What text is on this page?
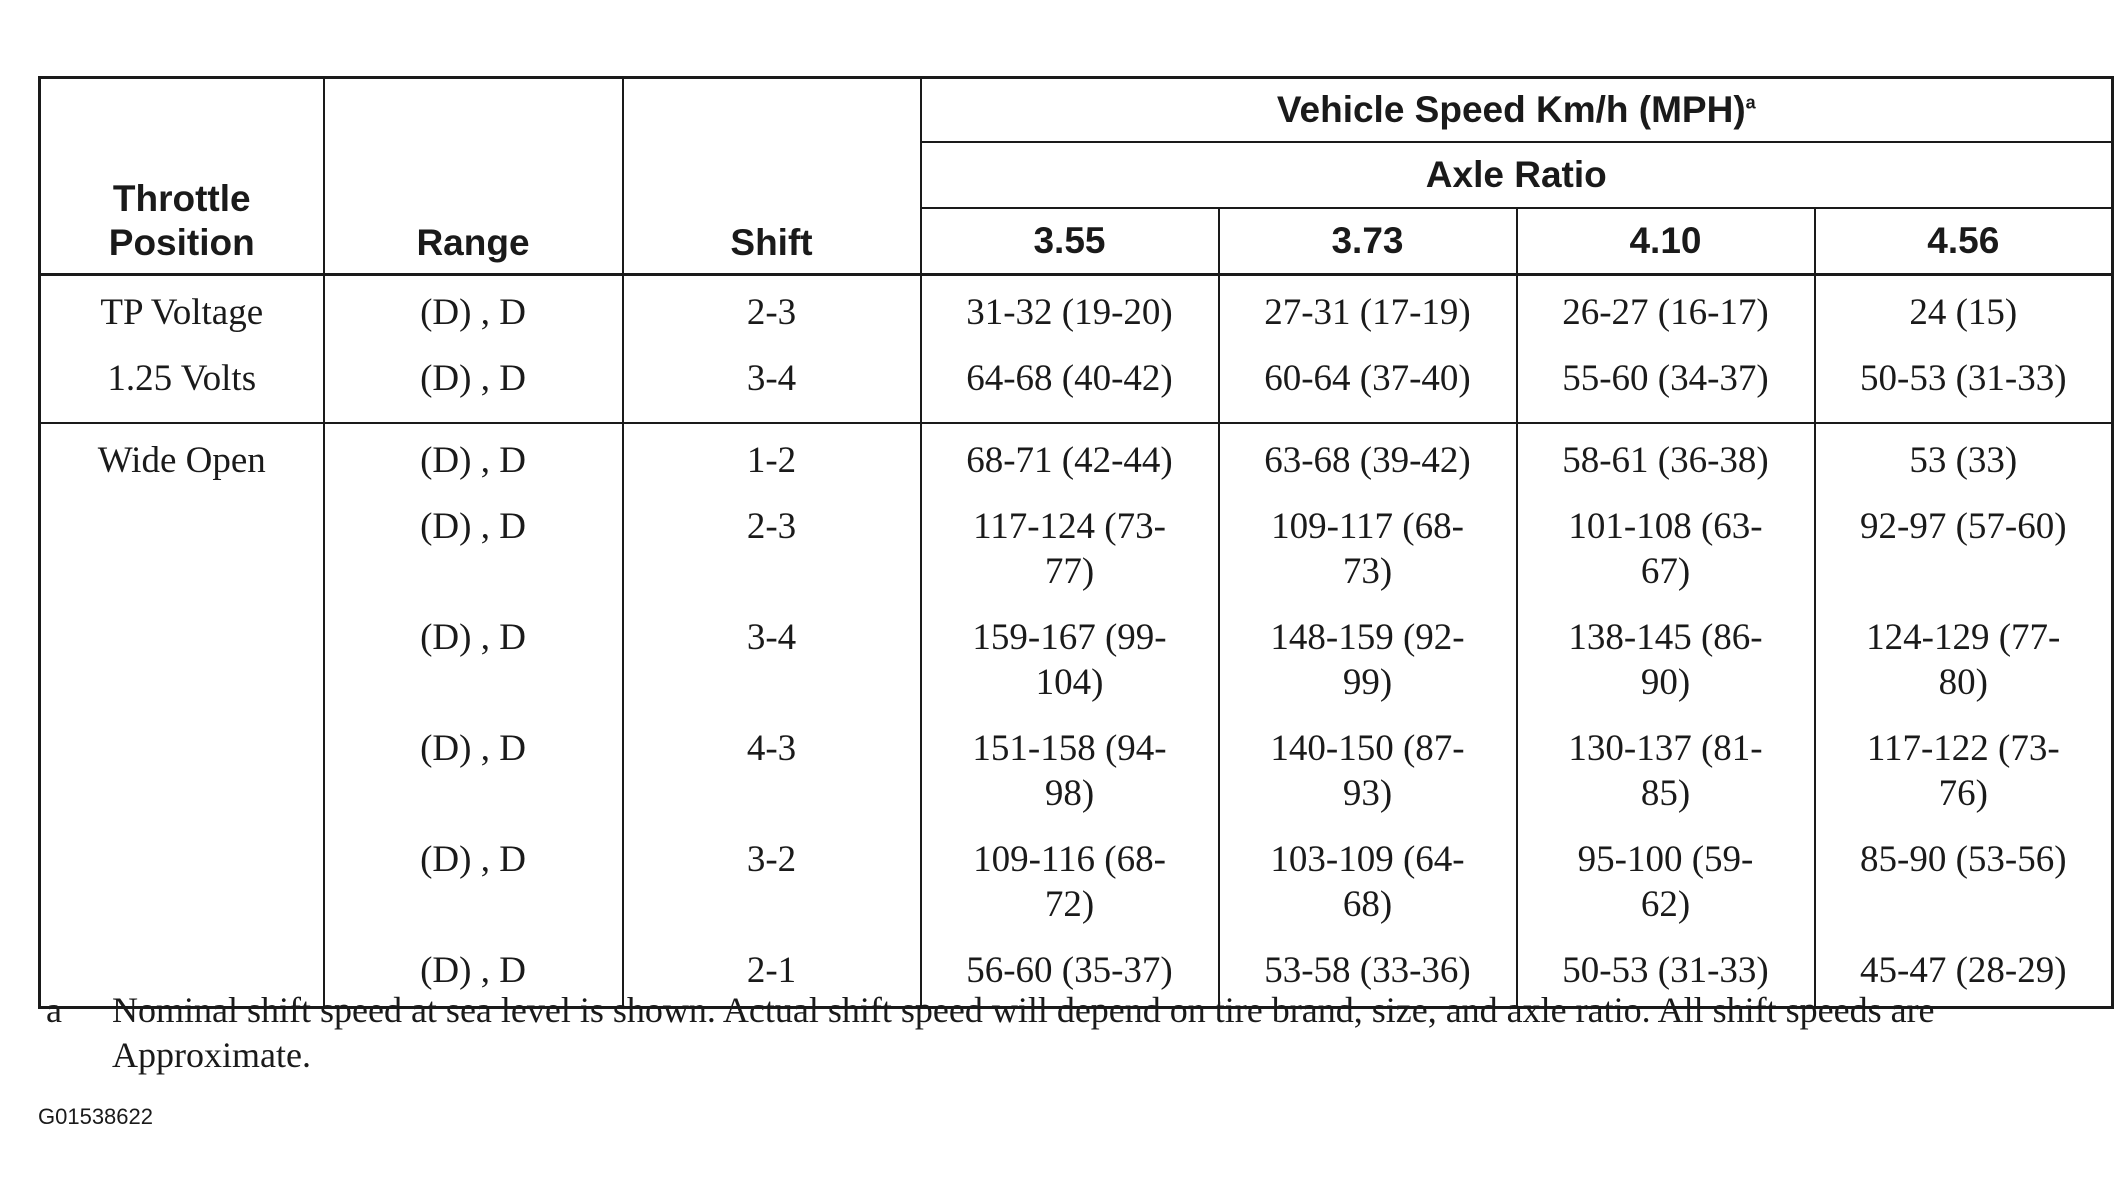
Throttle Position	Range	Shift	Vehicle Speed Km/h (MPH)$^a$
			Axle Ratio			
			3.55	3.73	4.10	4.56
TP Voltage	(D) , D	2-3	31-32 (19-20)	27-31 (17-19)	26-27 (16-17)	24 (15)
1.25 Volts	(D) , D	3-4	64-68 (40-42)	60-64 (37-40)	55-60 (34-37)	50-53 (31-33)
Wide Open	(D) , D	1-2	68-71 (42-44)	63-68 (39-42)	58-61 (36-38)	53 (33)
	(D) , D	2-3	117-124 (73-77)	109-117 (68-73)	101-108 (63-67)	92-97 (57-60)
	(D) , D	3-4	159-167 (99-104)	148-159 (92-99)	138-145 (86-90)	124-129 (77-80)
	(D) , D	4-3	151-158 (94-98)	140-150 (87-93)	130-137 (81-85)	117-122 (73-76)
	(D) , D	3-2	109-116 (68-72)	103-109 (64-68)	95-100 (59-62)	85-90 (53-56)
	(D) , D	2-1	56-60 (35-37)	53-58 (33-36)	50-53 (31-33)	45-47 (28-29)
a	Nominal shift speed at sea level is shown. Actual shift speed will depend on tire brand, size, and axle ratio. All shift speeds are Approximate.
G01538622
